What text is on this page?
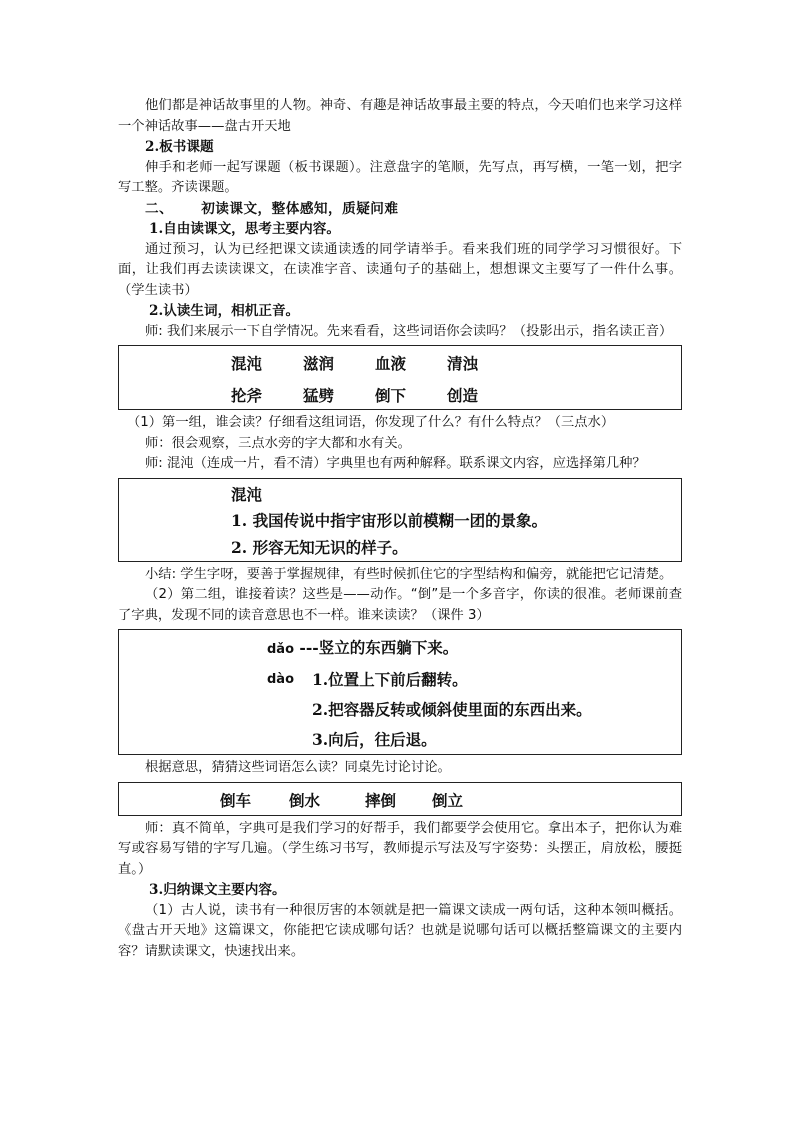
他们都是神话故事里的人物。神奇、有趣是神话故事最主要的特点，今天咱们也来学习这样一个神话故事——盘古开天地

2.板书课题

伸手和老师一起写课题（板书课题）。注意盘字的笔顺，先写点，再写横，一笔一划，把字写工整。齐读课题。

二、 初读课文，整体感知，质疑问难

1.自由读课文，思考主要内容。

通过预习，认为已经把课文读通读透的同学请举手。看来我们班的同学学习习惯很好。下面，让我们再去读读课文，在读准字音、读通句子的基础上，想想课文主要写了一件什么事。（学生读书）

2.认读生词，相机正音。

师: 我们来展示一下自学情况。先来看看，这些词语你会读吗？（投影出示，指名读正音）

混沌	滋润	血液	清浊
抡斧	猛劈	倒下	创造

（1）第一组，谁会读？仔细看这组词语，你发现了什么？有什么特点？（三点水）

师：很会观察，三点水旁的字大都和水有关。

师: 混沌（连成一片，看不清）字典里也有两种解释。联系课文内容，应选择第几种？

混沌
1. 我国传说中指宇宙形以前模糊一团的景象。
2. 形容无知无识的样子。

小结: 学生字呀，要善于掌握规律，有些时候抓住它的字型结构和偏旁，就能把它记清楚。

（2）第二组，谁接着读？这些是——动作。“倒”是一个多音字，你读的很准。老师课前查了字典，发现不同的读音意思也不一样。谁来读读？（课件 3）

dǎo ---竖立的东西躺下来。
dào 1.位置上下前后翻转。
2.把容器反转或倾斜使里面的东西出来。
3.向后，往后退。

根据意思，猜猜这些词语怎么读？同桌先讨论讨论。

倒车 倒水	摔倒 倒立

师：真不简单，字典可是我们学习的好帮手，我们都要学会使用它。拿出本子，把你认为难写或容易写错的字写几遍。（学生练习书写，教师提示写法及写字姿势：头摆正，肩放松，腰挺直。）

3.归纳课文主要内容。

（1）古人说，读书有一种很厉害的本领就是把一篇课文读成一两句话，这种本领叫概括。《盘古开天地》这篇课文，你能把它读成哪句话？也就是说哪句话可以概括整篇课文的主要内容？请默读课文，快速找出来。
